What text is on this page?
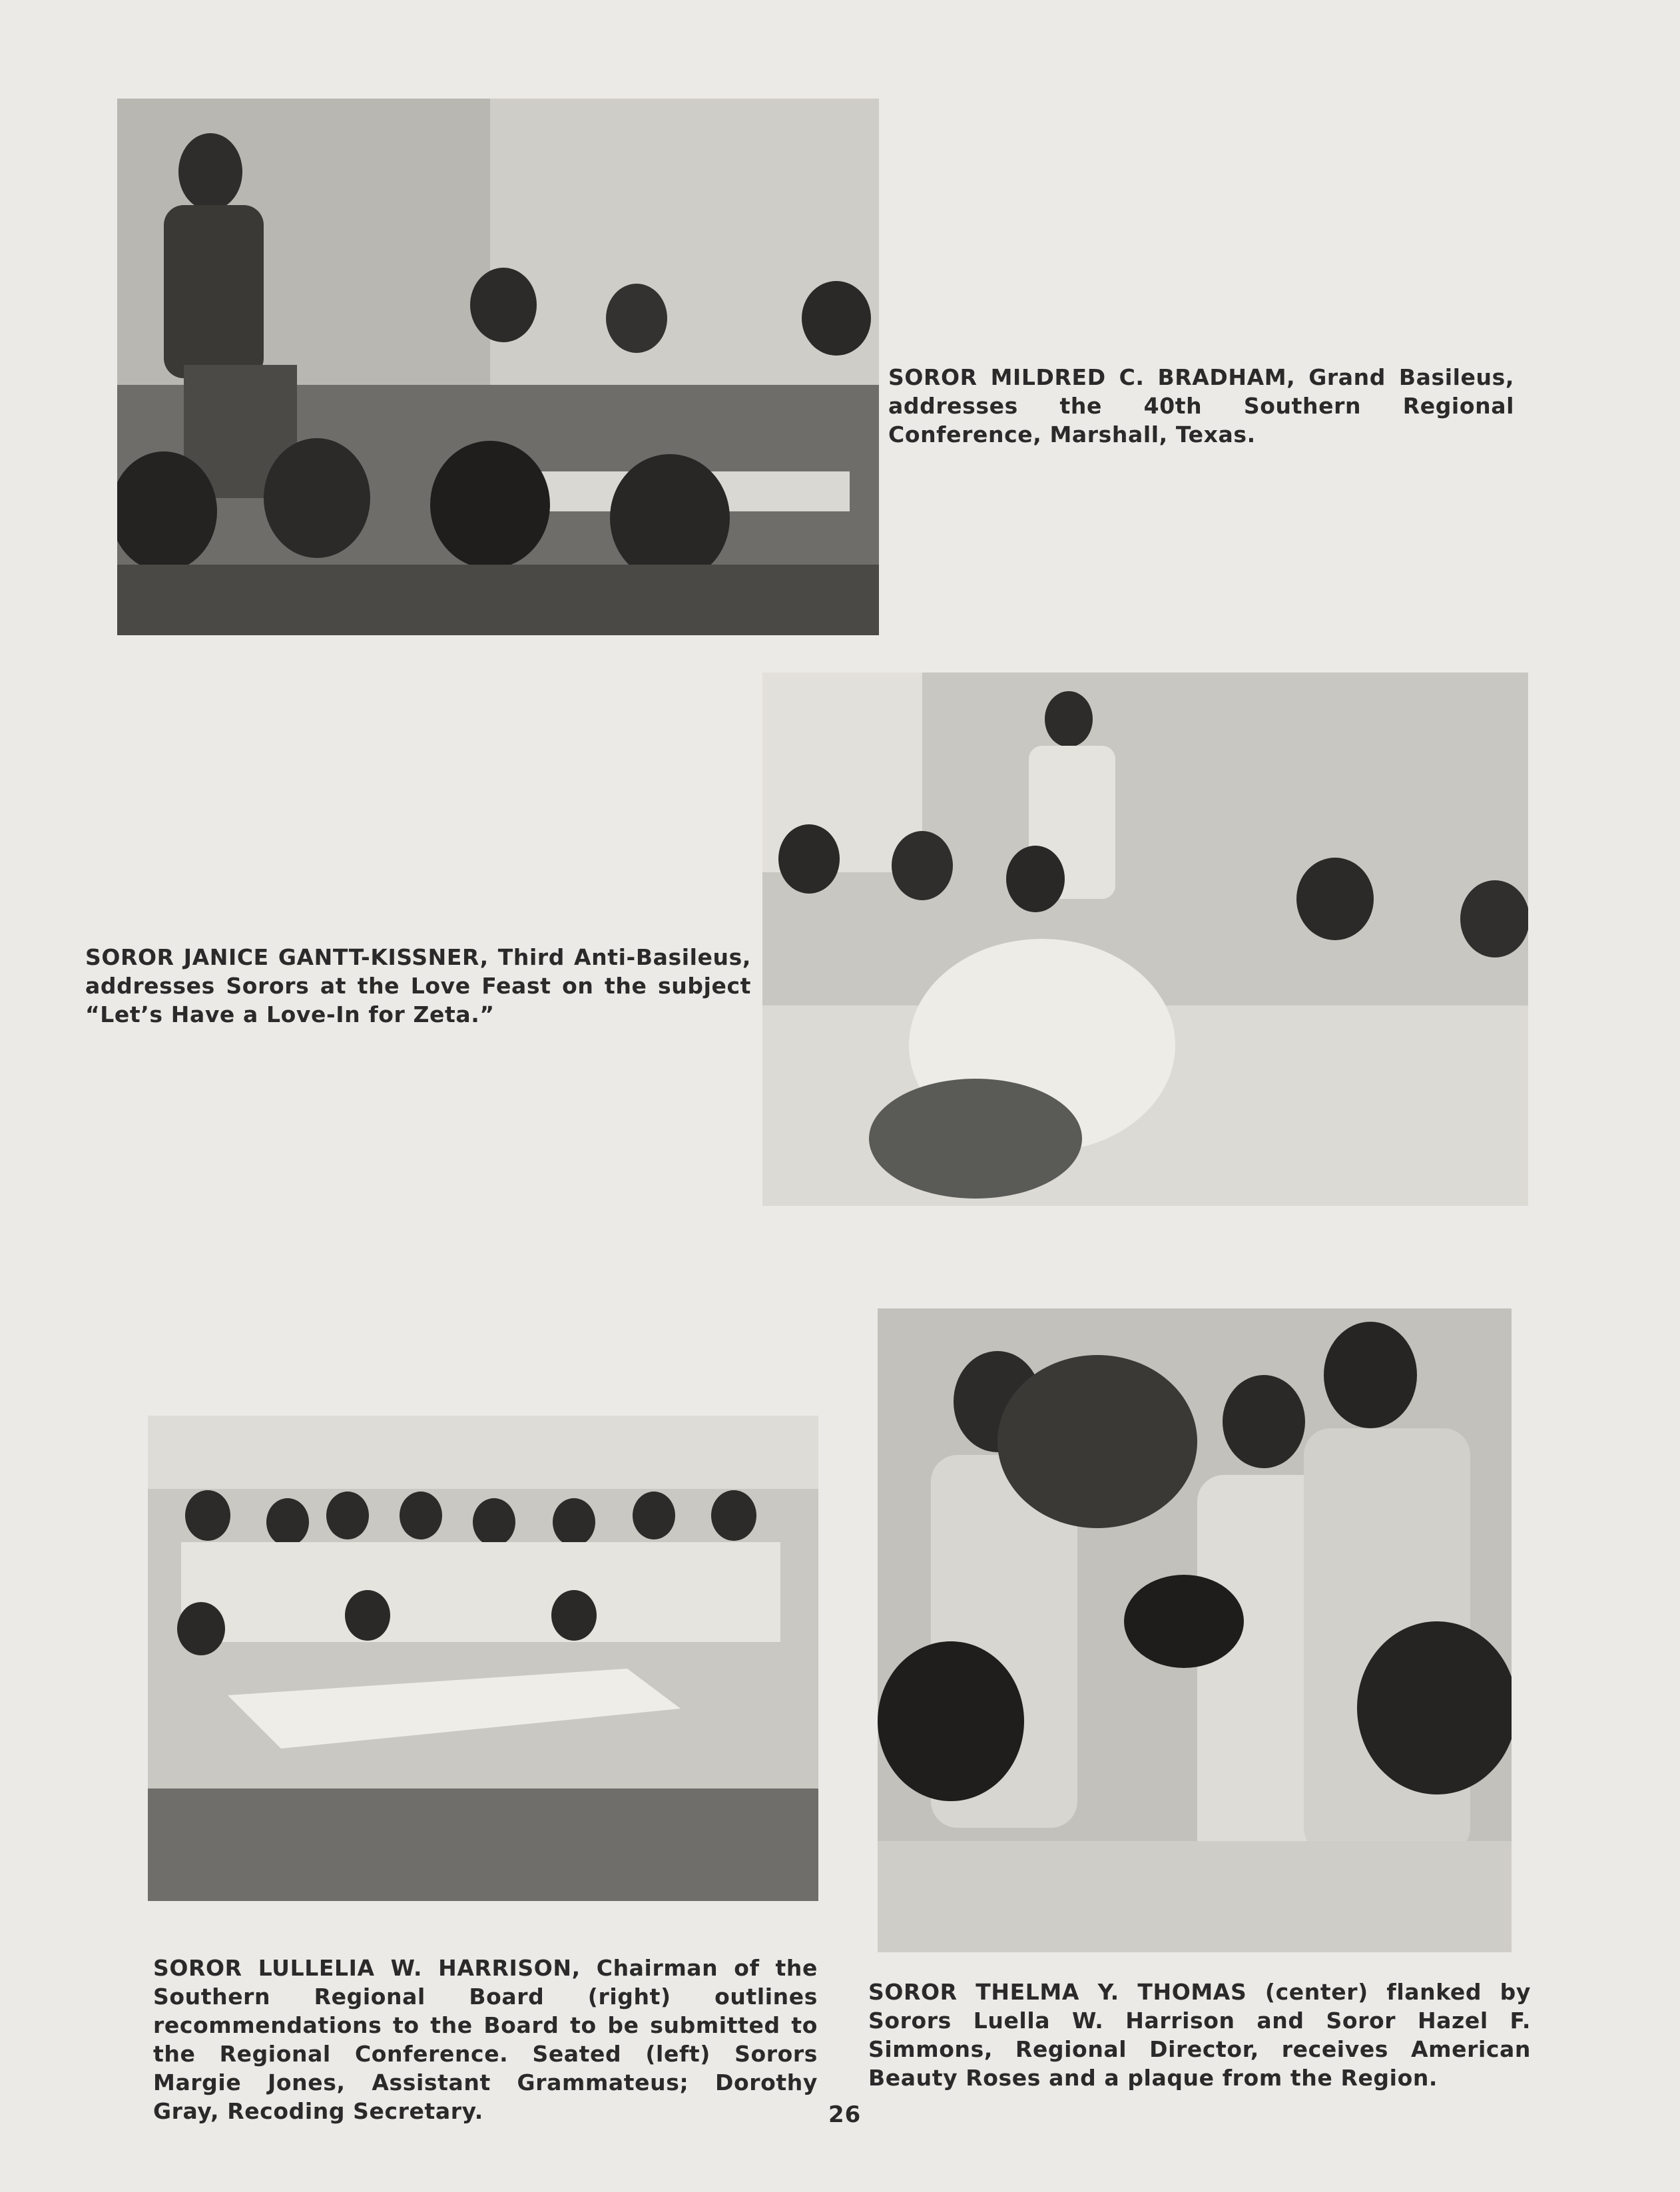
SOROR MILDRED C. BRADHAM, Grand Basileus, addresses the 40th Southern Regional Conference, Marshall, Texas.

SOROR JANICE GANTT-KISSNER, Third Anti-Basileus, addresses Sorors at the Love Feast on the subject “Let’s Have a Love-In for Zeta.”

SOROR LULLELIA W. HARRISON, Chairman of the Southern Regional Board (right) outlines recommendations to the Board to be submitted to the Regional Conference. Seated (left) Sorors Margie Jones, Assistant Grammateus; Dorothy Gray, Recoding Secretary.

SOROR THELMA Y. THOMAS (center) flanked by Sorors Luella W. Harrison and Soror Hazel F. Simmons, Regional Director, receives American Beauty Roses and a plaque from the Region.

26
